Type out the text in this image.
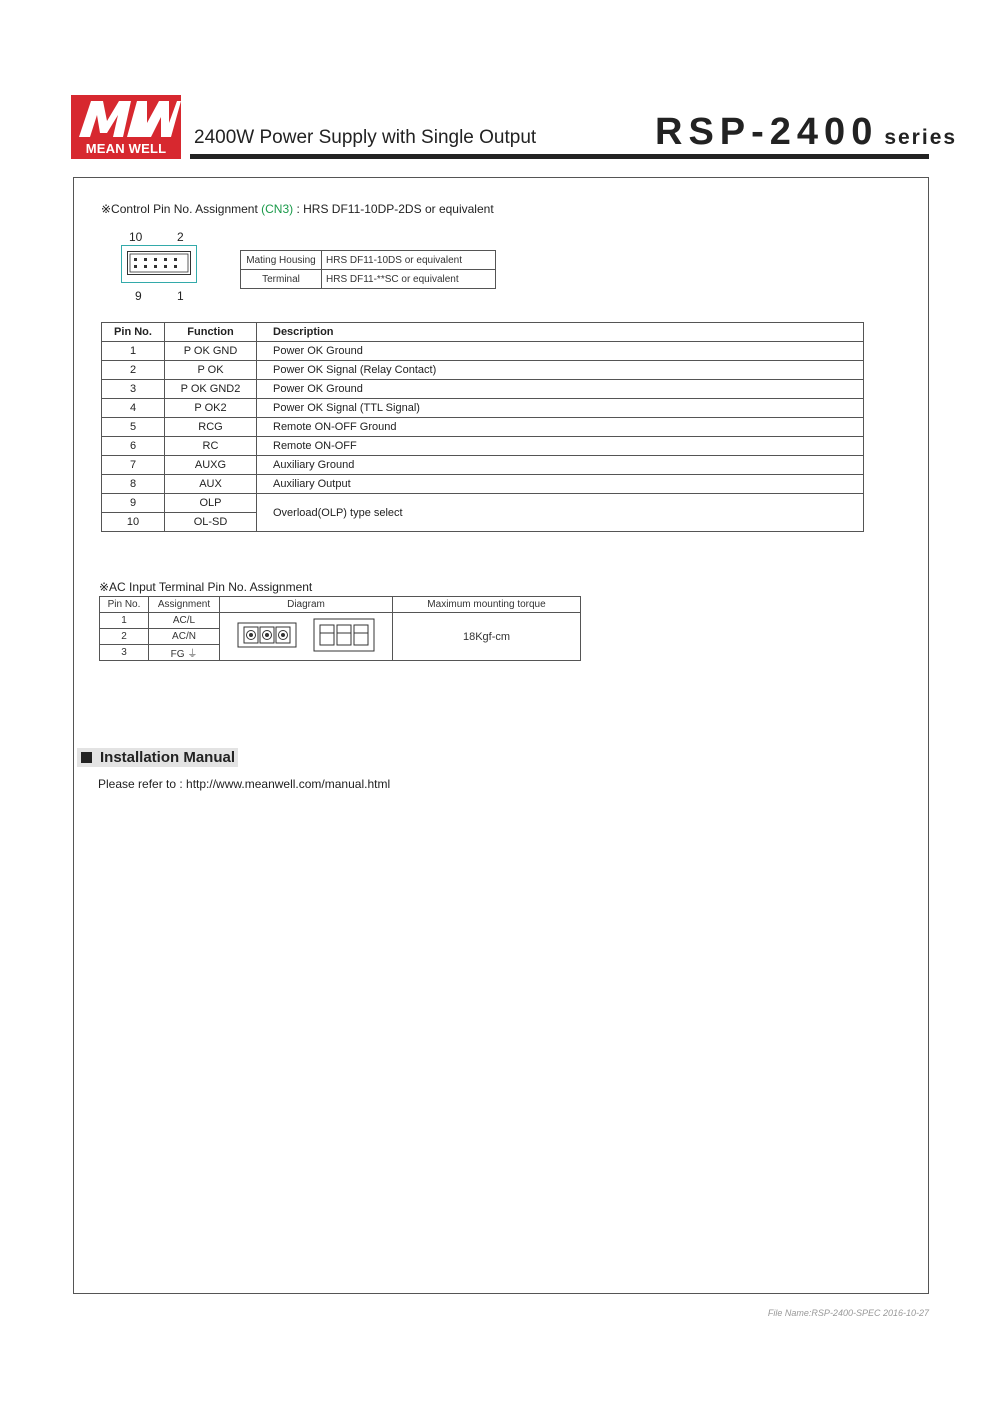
MEAN WELL
2400W Power Supply with Single Output	RSP-2400 series
※Control Pin No. Assignment (CN3) : HRS DF11-10DP-2DS or equivalent
10	2
9	1
Mating Housing	HRS DF11-10DS or equivalent
Terminal	HRS DF11-**SC or equivalent
Pin No.	Function	Description
1	P OK GND	Power OK Ground
2	P OK	Power OK Signal (Relay Contact)
3	P OK GND2	Power OK Ground
4	P OK2	Power OK Signal (TTL Signal)
5	RCG	Remote ON-OFF Ground
6	RC	Remote ON-OFF
7	AUXG	Auxiliary Ground
8	AUX	Auxiliary Output
9	OLP	Overload(OLP) type select
10	OL-SD	
※AC Input Terminal Pin No. Assignment
Pin No.	Assignment	Diagram	Maximum mounting torque
1	AC/L		18Kgf-cm
2	AC/N		
3	FG ⏚		
Installation Manual
Please refer to : http://www.meanwell.com/manual.html
File Name:RSP-2400-SPEC 2016-10-27
